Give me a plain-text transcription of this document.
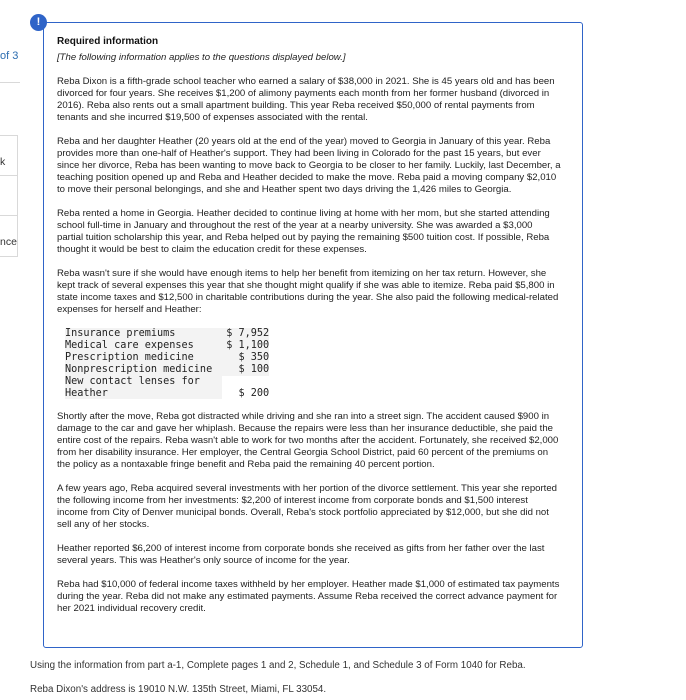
of 3
k
nce
!

Required information

[The following information applies to the questions displayed below.]

Reba Dixon is a fifth-grade school teacher who earned a salary of $38,000 in 2021. She is 45 years old and has been divorced for four years. She receives $1,200 of alimony payments each month from her former husband (divorced in 2016). Reba also rents out a small apartment building. This year Reba received $50,000 of rental payments from tenants and she incurred $19,500 of expenses associated with the rental.

Reba and her daughter Heather (20 years old at the end of the year) moved to Georgia in January of this year. Reba provides more than one-half of Heather's support. They had been living in Colorado for the past 15 years, but ever since her divorce, Reba has been wanting to move back to Georgia to be closer to her family. Luckily, last December, a teaching position opened up and Reba and Heather decided to make the move. Reba paid a moving company $2,010 to move their personal belongings, and she and Heather spent two days driving the 1,426 miles to Georgia.

Reba rented a home in Georgia. Heather decided to continue living at home with her mom, but she started attending school full-time in January and throughout the rest of the year at a nearby university. She was awarded a $3,000 partial tuition scholarship this year, and Reba helped out by paying the remaining $500 tuition cost. If possible, Reba thought it would be best to claim the education credit for these expenses.

Reba wasn't sure if she would have enough items to help her benefit from itemizing on her tax return. However, she kept track of several expenses this year that she thought might qualify if she was able to itemize. Reba paid $5,800 in state income taxes and $12,500 in charitable contributions during the year. She also paid the following medical-related expenses for herself and Heather:

Insurance premiums	$ 7,952
Medical care expenses	$ 1,100
Prescription medicine	$ 350
Nonprescription medicine	$ 100
New contact lenses for	
Heather	$ 200

Shortly after the move, Reba got distracted while driving and she ran into a street sign. The accident caused $900 in damage to the car and gave her whiplash. Because the repairs were less than her insurance deductible, she paid the entire cost of the repairs. Reba wasn't able to work for two months after the accident. Fortunately, she received $2,000 from her disability insurance. Her employer, the Central Georgia School District, paid 60 percent of the premiums on the policy as a nontaxable fringe benefit and Reba paid the remaining 40 percent portion.

A few years ago, Reba acquired several investments with her portion of the divorce settlement. This year she reported the following income from her investments: $2,200 of interest income from corporate bonds and $1,500 interest income from City of Denver municipal bonds. Overall, Reba's stock portfolio appreciated by $12,000, but she did not sell any of her stocks.

Heather reported $6,200 of interest income from corporate bonds she received as gifts from her father over the last several years. This was Heather's only source of income for the year.

Reba had $10,000 of federal income taxes withheld by her employer. Heather made $1,000 of estimated tax payments during the year. Reba did not make any estimated payments. Assume Reba received the correct advance payment for her 2021 individual recovery credit.

Using the information from part a-1, Complete pages 1 and 2, Schedule 1, and Schedule 3 of Form 1040 for Reba.
Reba Dixon's address is 19010 N.W. 135th Street, Miami, FL 33054.
